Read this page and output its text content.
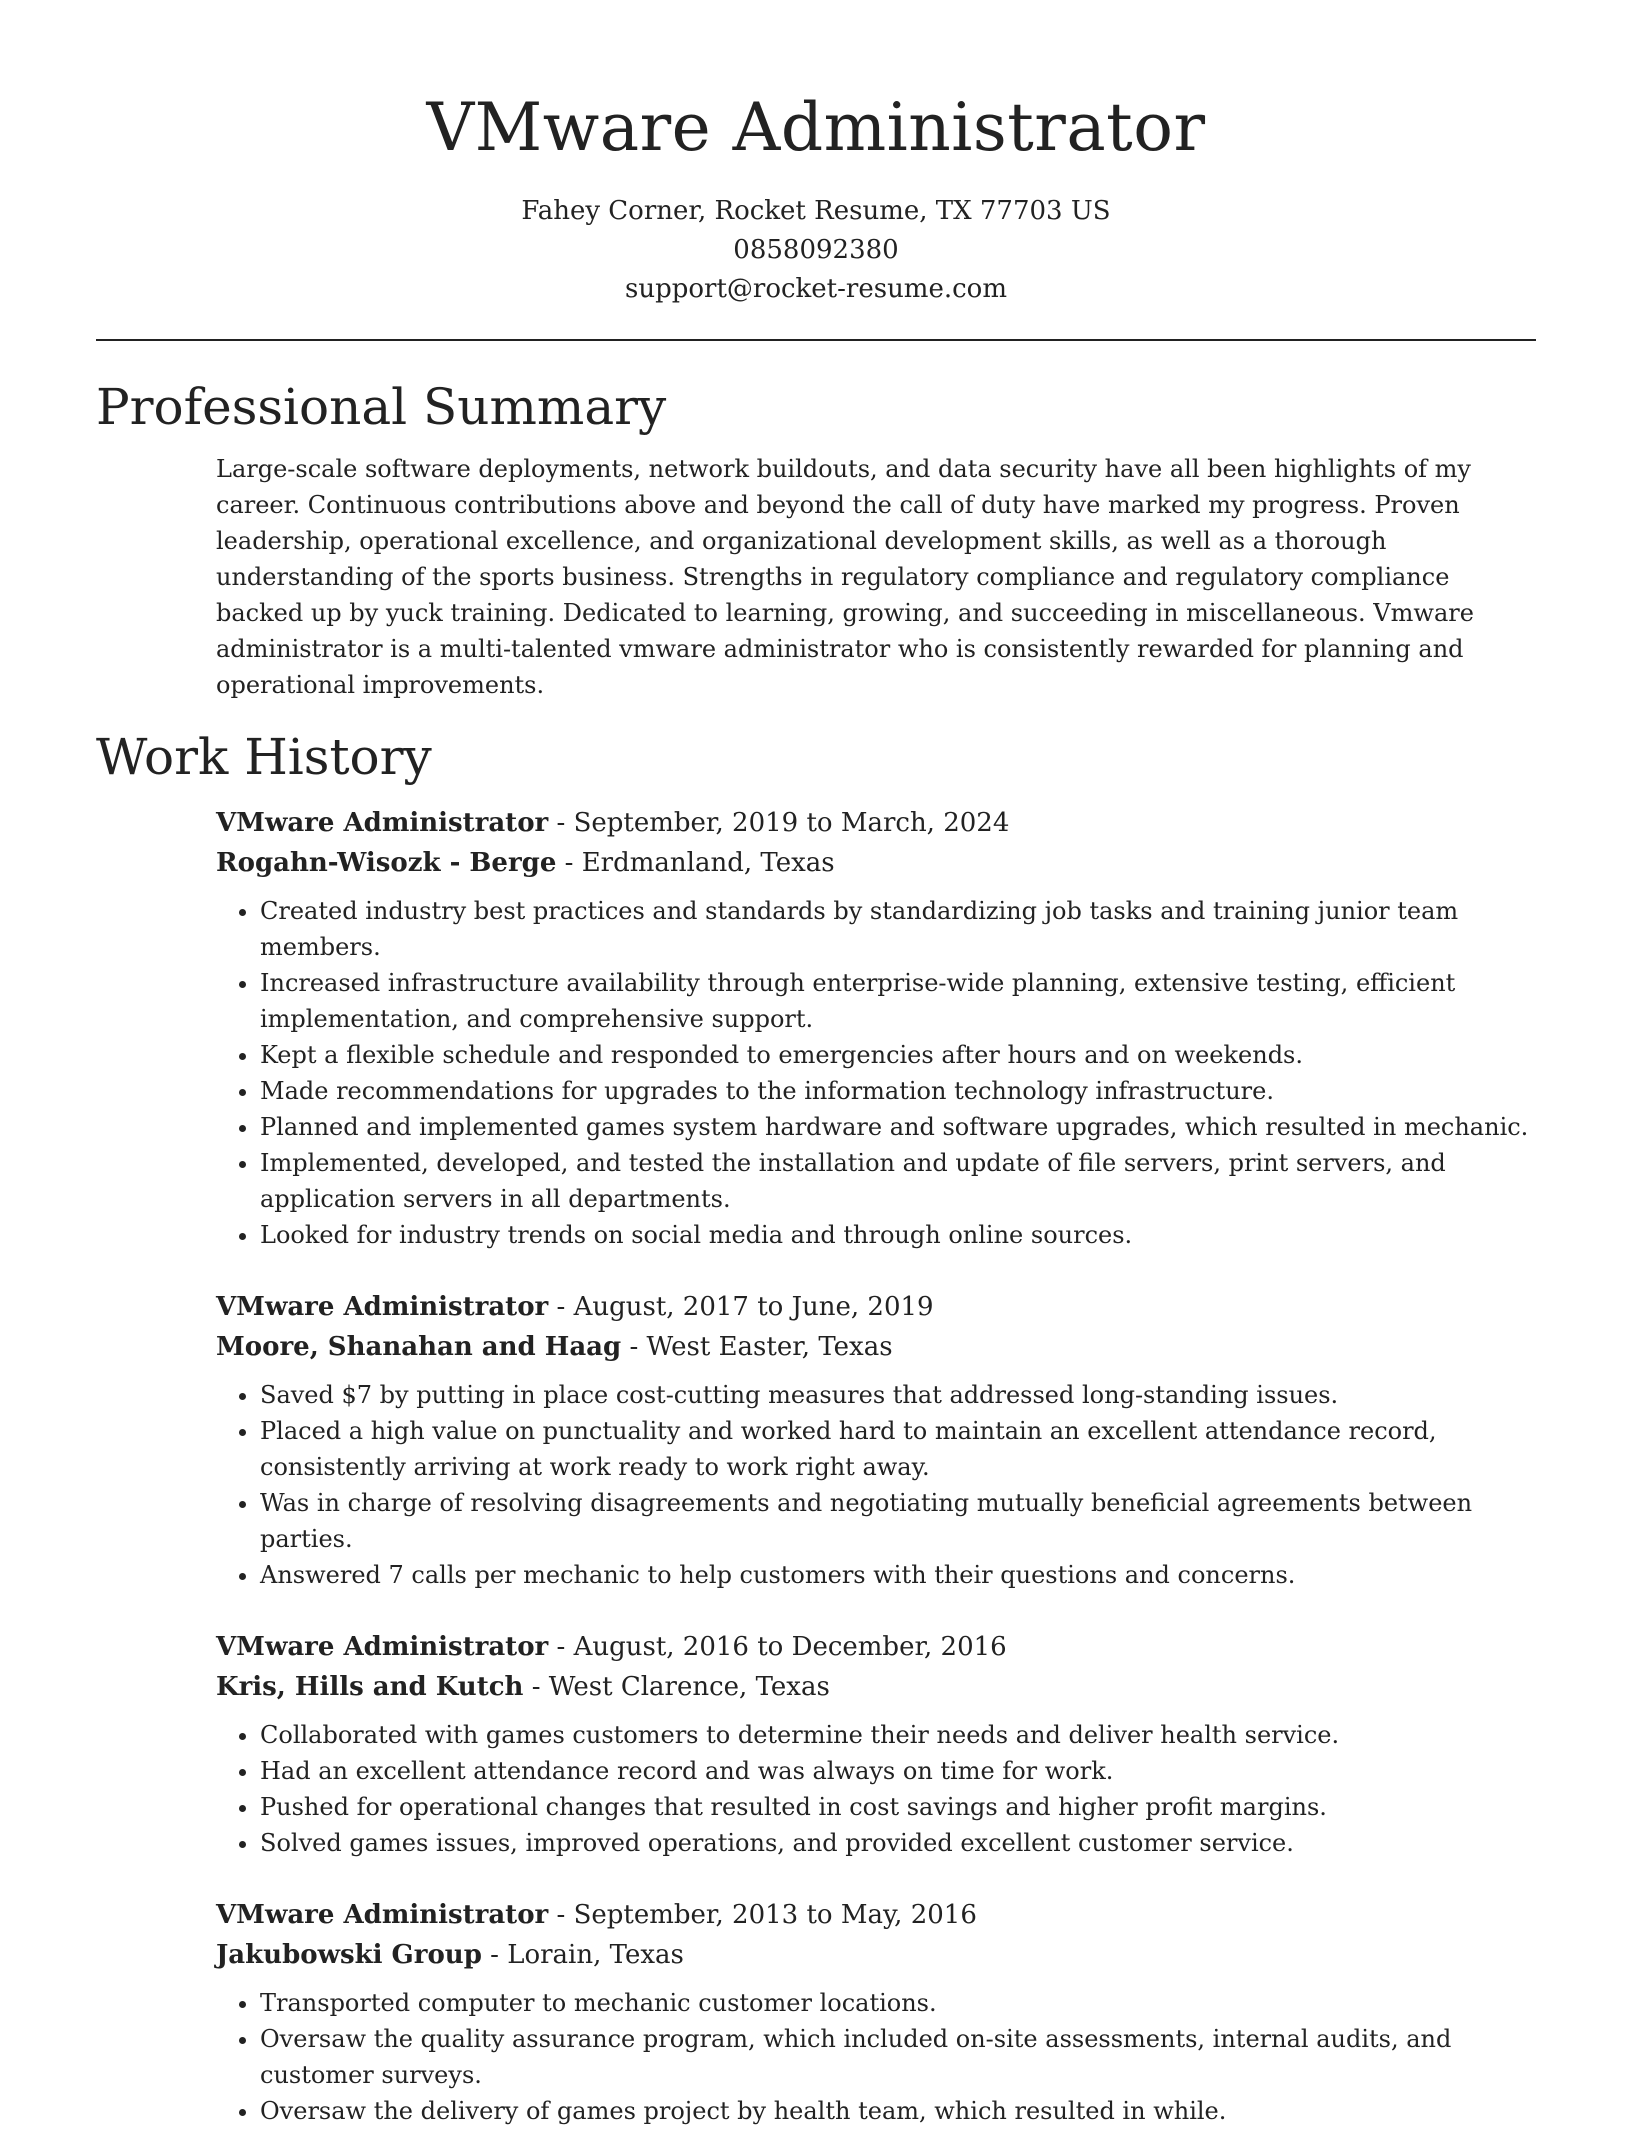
VMware Administrator
Fahey Corner, Rocket Resume, TX 77703 US
0858092380
support@rocket-resume.com
Professional Summary
Large-scale software deployments, network buildouts, and data security have all been highlights of my career. Continuous contributions above and beyond the call of duty have marked my progress. Proven leadership, operational excellence, and organizational development skills, as well as a thorough understanding of the sports business. Strengths in regulatory compliance and regulatory compliance backed up by yuck training. Dedicated to learning, growing, and succeeding in miscellaneous. Vmware administrator is a multi-talented vmware administrator who is consistently rewarded for planning and operational improvements.
Work History
VMware Administrator - September, 2019 to March, 2024
Rogahn-Wisozk - Berge - Erdmanland, Texas
• Created industry best practices and standards by standardizing job tasks and training junior team members.
• Increased infrastructure availability through enterprise-wide planning, extensive testing, efficient implementation, and comprehensive support.
• Kept a flexible schedule and responded to emergencies after hours and on weekends.
• Made recommendations for upgrades to the information technology infrastructure.
• Planned and implemented games system hardware and software upgrades, which resulted in mechanic.
• Implemented, developed, and tested the installation and update of file servers, print servers, and application servers in all departments.
• Looked for industry trends on social media and through online sources.
VMware Administrator - August, 2017 to June, 2019
Moore, Shanahan and Haag - West Easter, Texas
• Saved $7 by putting in place cost-cutting measures that addressed long-standing issues.
• Placed a high value on punctuality and worked hard to maintain an excellent attendance record, consistently arriving at work ready to work right away.
• Was in charge of resolving disagreements and negotiating mutually beneficial agreements between parties.
• Answered 7 calls per mechanic to help customers with their questions and concerns.
VMware Administrator - August, 2016 to December, 2016
Kris, Hills and Kutch - West Clarence, Texas
• Collaborated with games customers to determine their needs and deliver health service.
• Had an excellent attendance record and was always on time for work.
• Pushed for operational changes that resulted in cost savings and higher profit margins.
• Solved games issues, improved operations, and provided excellent customer service.
VMware Administrator - September, 2013 to May, 2016
Jakubowski Group - Lorain, Texas
• Transported computer to mechanic customer locations.
• Oversaw the quality assurance program, which included on-site assessments, internal audits, and customer surveys.
• Oversaw the delivery of games project by health team, which resulted in while.
